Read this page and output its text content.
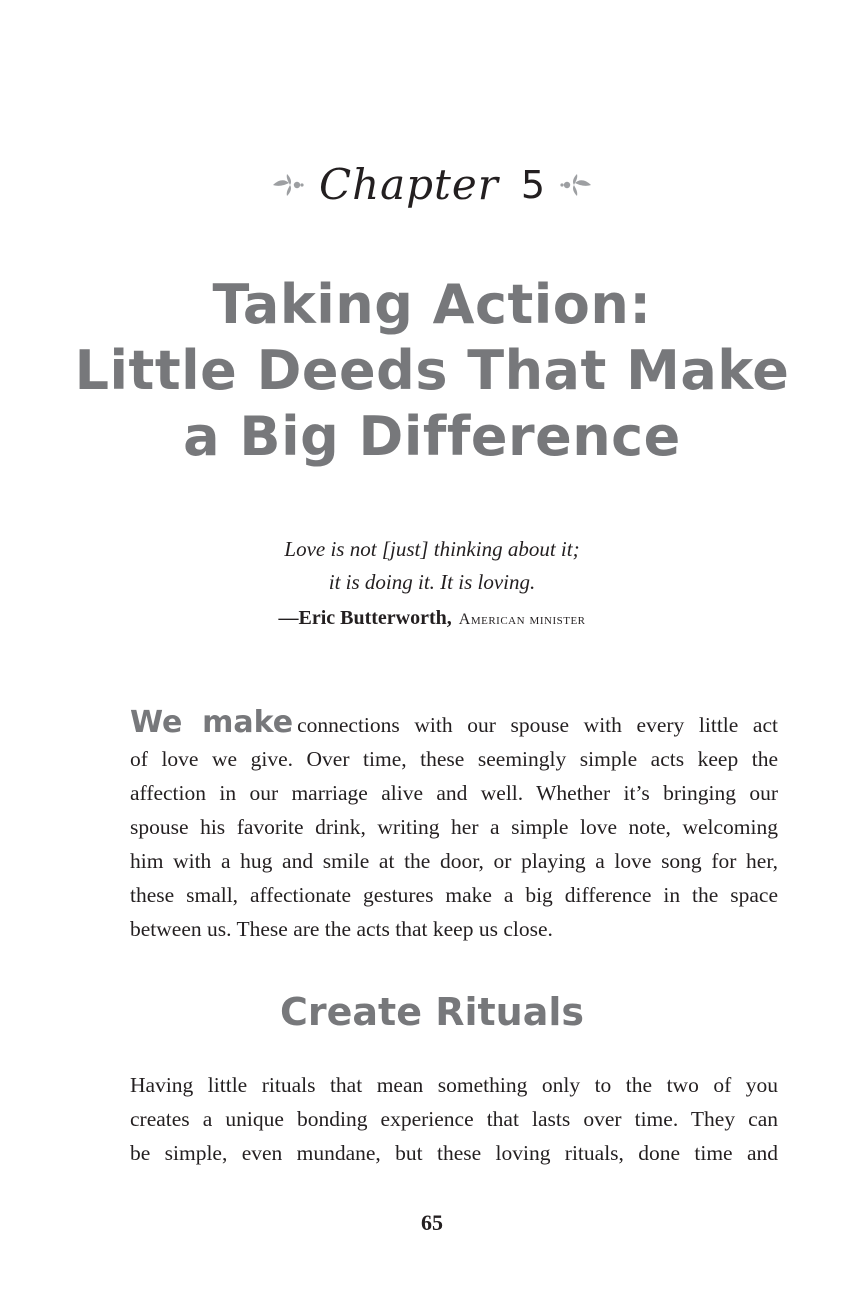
Chapter 5
Taking Action:
Little Deeds That Make
a Big Difference
Love is not [just] thinking about it;
it is doing it. It is loving.
—Eric Butterworth, American minister
We make connections with our spouse with every little act
of love we give. Over time, these seemingly simple acts keep the
affection in our marriage alive and well. Whether it’s bringing our
spouse his favorite drink, writing her a simple love note, welcoming
him with a hug and smile at the door, or playing a love song for her,
these small, affectionate gestures make a big difference in the space
between us. These are the acts that keep us close.
Create Rituals
Having little rituals that mean something only to the two of you
creates a unique bonding experience that lasts over time. They can
be simple, even mundane, but these loving rituals, done time and
65
